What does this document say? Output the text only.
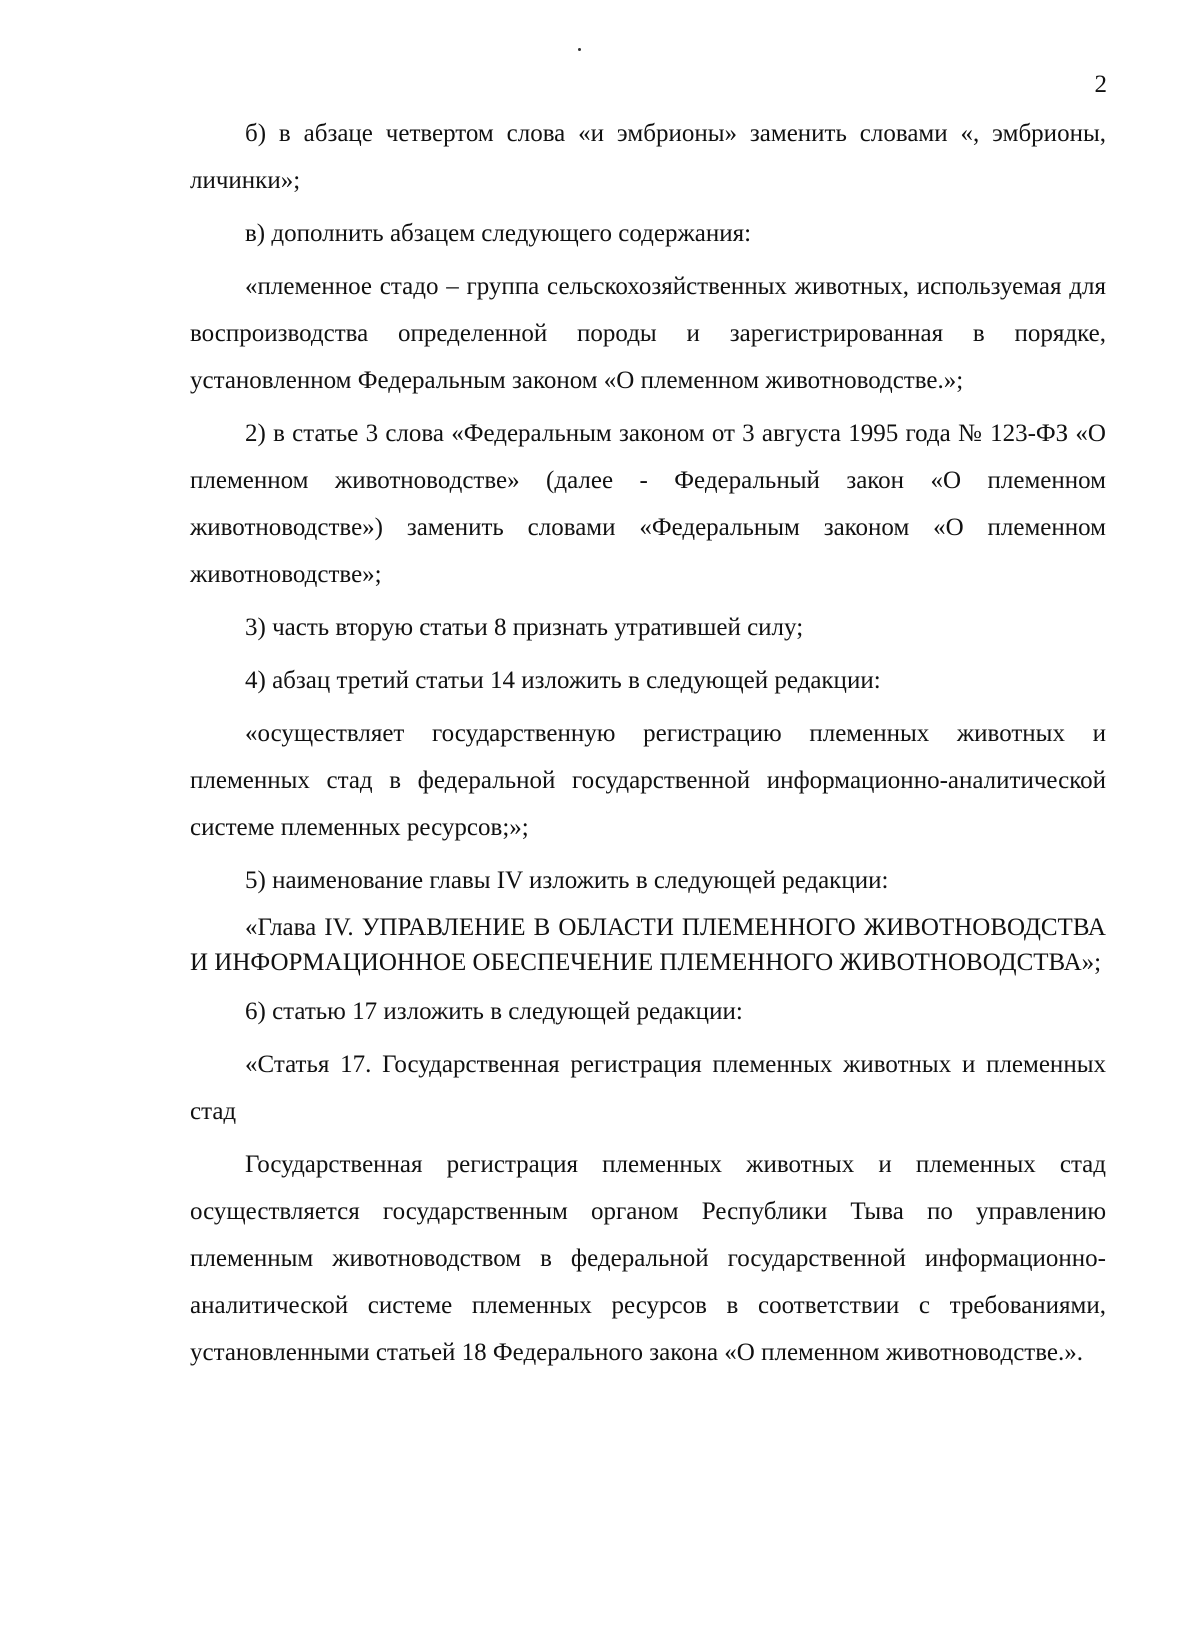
2

б) в абзаце четвертом слова «и эмбрионы» заменить словами «, эмбрионы, личинки»;

в) дополнить абзацем следующего содержания:

«племенное стадо – группа сельскохозяйственных животных, используемая для воспроизводства определенной породы и зарегистрированная в порядке, установленном Федеральным законом «О племенном животноводстве.»;

2) в статье 3 слова «Федеральным законом от 3 августа 1995 года № 123-ФЗ «О племенном животноводстве» (далее - Федеральный закон «О племенном животноводстве») заменить словами «Федеральным законом «О племенном животноводстве»;

3) часть вторую статьи 8 признать утратившей силу;

4) абзац третий статьи 14 изложить в следующей редакции:

«осуществляет государственную регистрацию племенных животных и племенных стад в федеральной государственной информационно-аналитической системе племенных ресурсов;»;

5) наименование главы IV изложить в следующей редакции:

«Глава IV. УПРАВЛЕНИЕ В ОБЛАСТИ ПЛЕМЕННОГО ЖИВОТНОВОДСТВА И ИНФОРМАЦИОННОЕ ОБЕСПЕЧЕНИЕ ПЛЕМЕННОГО ЖИВОТНОВОДСТВА»;

6) статью 17 изложить в следующей редакции:

«Статья 17. Государственная регистрация племенных животных и племенных стад

Государственная регистрация племенных животных и племенных стад осуществляется государственным органом Республики Тыва по управлению племенным животноводством в федеральной государственной информационно-аналитической системе племенных ресурсов в соответствии с требованиями, установленными статьей 18 Федерального закона «О племенном животноводстве.».
